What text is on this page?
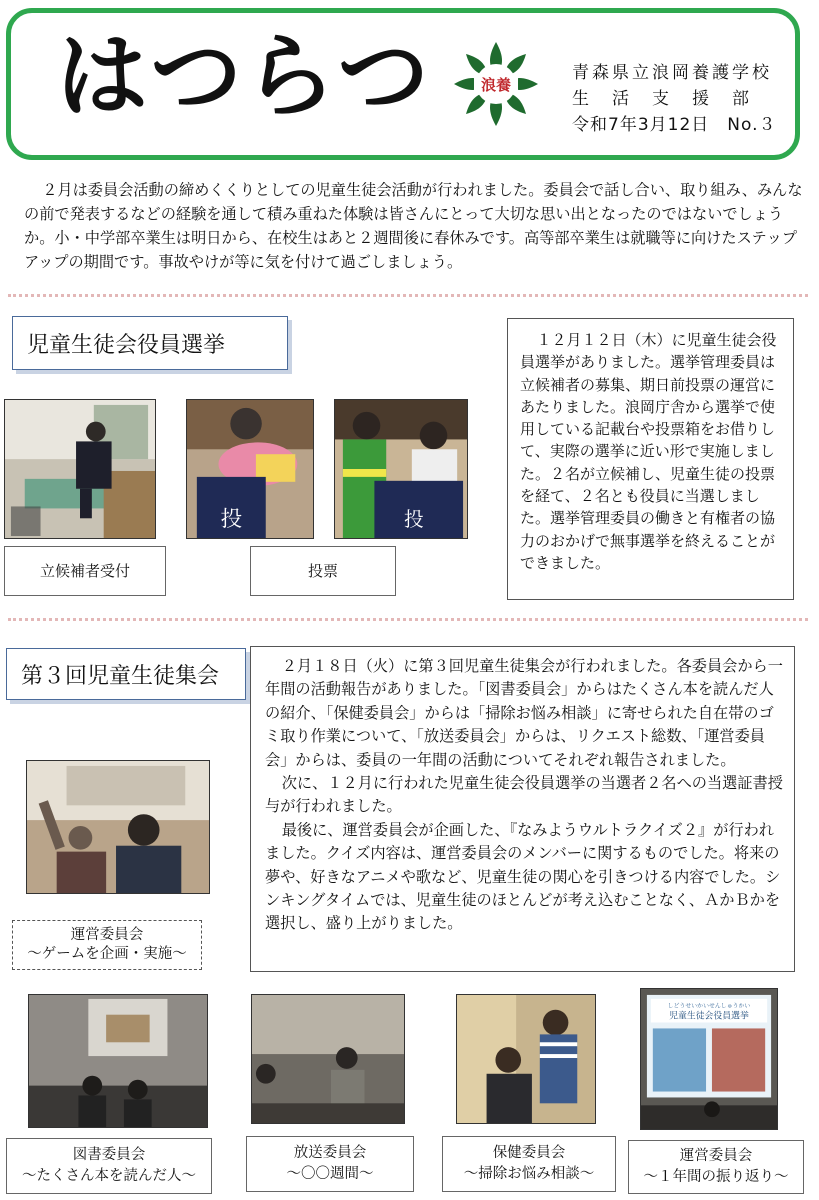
はつらつ	浪養
青森県立浪岡養護学校
生　活　支　援　部
令和7年3月12日　No.３

２月は委員会活動の締めくくりとしての児童生徒会活動が行われました。委員会で話し合い、取り組み、みんなの前で発表するなどの経験を通して積み重ねた体験は皆さんにとって大切な思い出となったのではないでしょうか。小・中学部卒業生は明日から、在校生はあと２週間後に春休みです。高等部卒業生は就職等に向けたステップアップの期間です。事故やけが等に気を付けて過ごしましょう。

児童生徒会役員選挙	１２月１２日（木）に児童生徒会役員選挙がありました。選挙管理委員は立候補者の募集、期日前投票の運営にあたりました。浪岡庁舎から選挙で使用している記載台や投票箱をお借りして、実際の選挙に近い形で実施しました。２名が立候補し、児童生徒の投票を経て、２名とも役員に当選しました。選挙管理委員の働きと有権者の協力のおかげで無事選挙を終えることができました。

投	投
立候補者受付	投票
第３回児童生徒集会	２月１８日（火）に第３回児童生徒集会が行われました。各委員会から一年間の活動報告がありました。「図書委員会」からはたくさん本を読んだ人の紹介、「保健委員会」からは「掃除お悩み相談」に寄せられた自在帯のゴミ取り作業について、「放送委員会」からは、リクエスト総数、「運営委員会」からは、委員の一年間の活動についてそれぞれ報告されました。

次に、１２月に行われた児童生徒会役員選挙の当選者２名への当選証書授与が行われました。

最後に、運営委員会が企画した、『なみようウルトラクイズ２』が行われました。クイズ内容は、運営委員会のメンバーに関するものでした。将来の夢や、好きなアニメや歌など、児童生徒の関心を引きつける内容でした。シンキングタイムでは、児童生徒のほとんどが考え込むことなく、ＡかＢかを選択し、盛り上がりました。

運営委員会
～ゲームを企画・実施～
しどうせいかいせんしゅうかい
児童生徒会役員選挙
図書委員会
～たくさん本を読んだ人～
放送委員会
～〇〇週間～
保健委員会
～掃除お悩み相談～
運営委員会
～１年間の振り返り～
